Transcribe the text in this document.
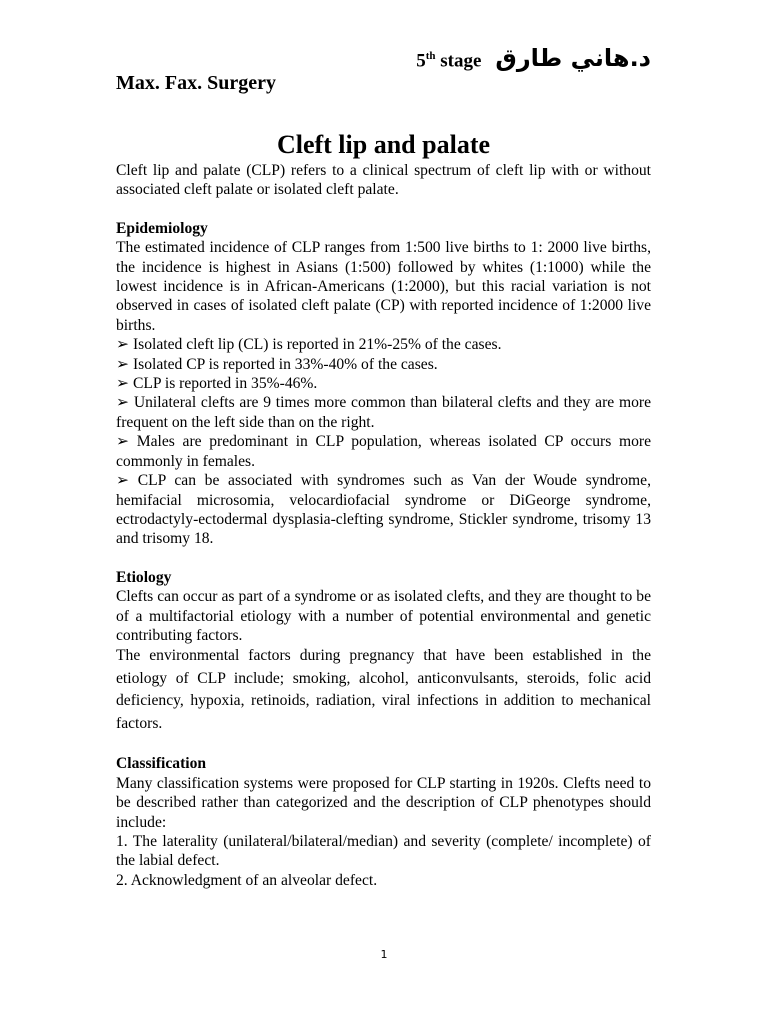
5th stage د.هاني طارق
Max. Fax. Surgery
Cleft lip and palate

Cleft lip and palate (CLP) refers to a clinical spectrum of cleft lip with or without associated cleft palate or isolated cleft palate.

Epidemiology

The estimated incidence of CLP ranges from 1:500 live births to 1: 2000 live births, the incidence is highest in Asians (1:500) followed by whites (1:1000) while the lowest incidence is in African-Americans (1:2000), but this racial variation is not observed in cases of isolated cleft palate (CP) with reported incidence of 1:2000 live births.

➢ Isolated cleft lip (CL) is reported in 21%-25% of the cases.

➢ Isolated CP is reported in 33%-40% of the cases.

➢ CLP is reported in 35%-46%.

➢ Unilateral clefts are 9 times more common than bilateral clefts and they are more frequent on the left side than on the right.

➢ Males are predominant in CLP population, whereas isolated CP occurs more commonly in females.

➢ CLP can be associated with syndromes such as Van der Woude syndrome, hemifacial microsomia, velocardiofacial syndrome or DiGeorge syndrome, ectrodactyly-ectodermal dysplasia-clefting syndrome, Stickler syndrome, trisomy 13 and trisomy 18.

Etiology

Clefts can occur as part of a syndrome or as isolated clefts, and they are thought to be of a multifactorial etiology with a number of potential environmental and genetic contributing factors.

The environmental factors during pregnancy that have been established in the etiology of CLP include; smoking, alcohol, anticonvulsants, steroids, folic acid deficiency, hypoxia, retinoids, radiation, viral infections in addition to mechanical factors.

Classification

Many classification systems were proposed for CLP starting in 1920s. Clefts need to be described rather than categorized and the description of CLP phenotypes should include:

1. The laterality (unilateral/bilateral/median) and severity (complete/ incomplete) of the labial defect.

2. Acknowledgment of an alveolar defect.

1
